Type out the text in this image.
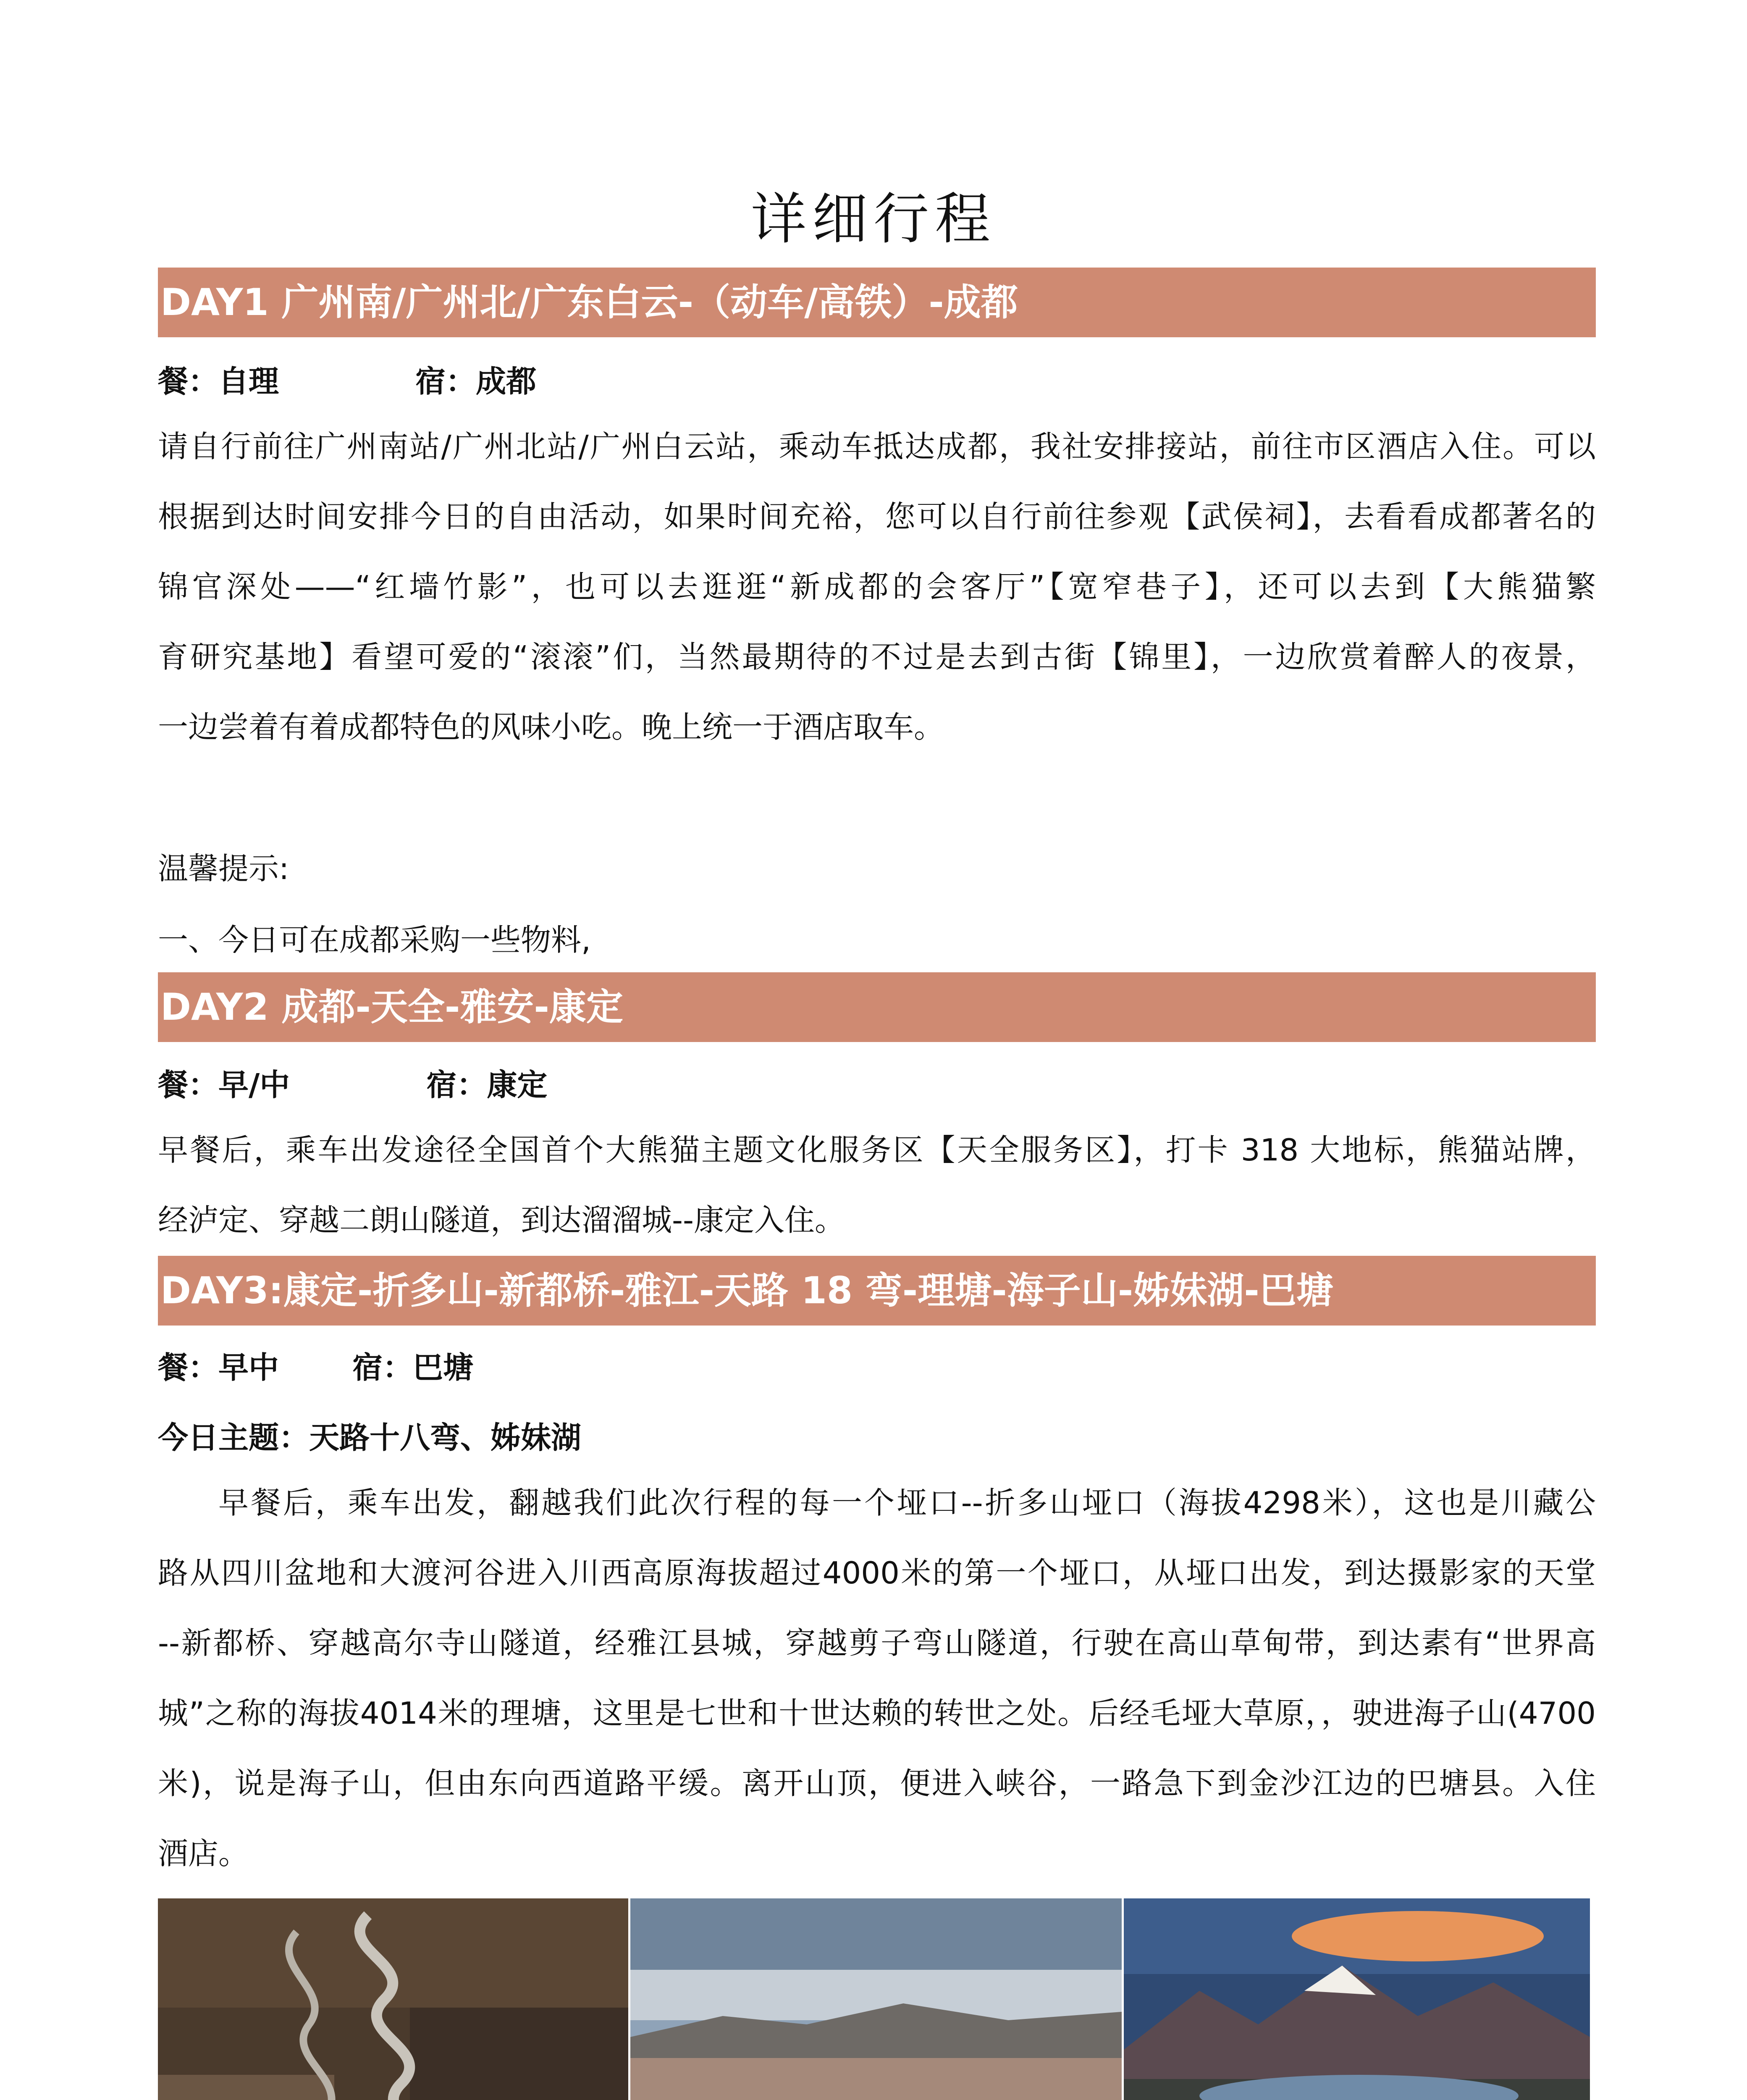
详细行程
DAY1 广州南/广州北/广东白云-（动车/高铁）-成都
餐：自理	宿：成都
请自行前往广州南站/广州北站/广州白云站，乘动车抵达成都，我社安排接站，前往市区酒店入住。可以
根据到达时间安排今日的自由活动，如果时间充裕，您可以自行前往参观【武侯祠】，去看看成都著名的
锦官深处——“红墙竹影”，也可以去逛逛“新成都的会客厅”【宽窄巷子】，还可以去到【大熊猫繁
育研究基地】看望可爱的“滚滚”们，当然最期待的不过是去到古街【锦里】，一边欣赏着醉人的夜景，
一边尝着有着成都特色的风味小吃。晚上统一于酒店取车。
温馨提示:
一、今日可在成都采购一些物料,
DAY2 成都-天全-雅安-康定
餐：早/中	宿：康定
早餐后，乘车出发途径全国首个大熊猫主题文化服务区【天全服务区】，打卡 318 大地标，熊猫站牌，
经泸定、穿越二朗山隧道，到达溜溜城--康定入住。
DAY3:康定-折多山-新都桥-雅江-天路 18 弯-理塘-海子山-姊妹湖-巴塘
餐：早中 宿：巴塘
今日主题：天路十八弯、姊妹湖
早餐后，乘车出发，翻越我们此次行程的每一个垭口--折多山垭口（海拔4298米），这也是川藏公
路从四川盆地和大渡河谷进入川西高原海拔超过4000米的第一个垭口，从垭口出发，到达摄影家的天堂
--新都桥、穿越高尔寺山隧道，经雅江县城，穿越剪子弯山隧道，行驶在高山草甸带，到达素有“世界高
城”之称的海拔4014米的理塘，这里是七世和十世达赖的转世之处。后经毛垭大草原，，驶进海子山(4700
米)，说是海子山，但由东向西道路平缓。离开山顶，便进入峡谷，一路急下到金沙江边的巴塘县。入住
酒店。
